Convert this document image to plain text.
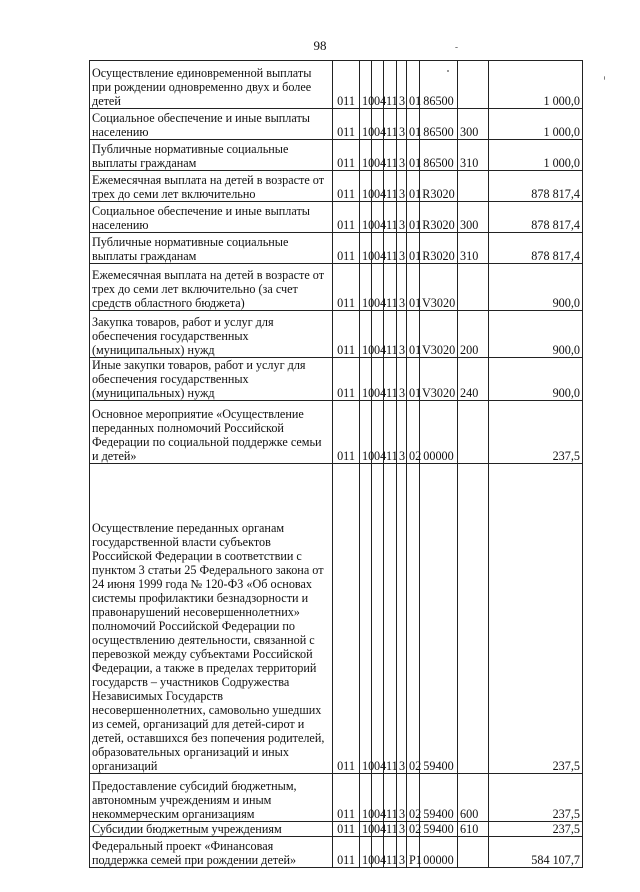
98
Осуществление единовременной выплаты при рождении одновременно двух и более детей	011	10	04	11	3	01	86500		1 000,0
Социальное обеспечение и иные выплаты населению	011	10	04	11	3	01	86500	300	1 000,0
Публичные нормативные социальные выплаты гражданам	011	10	04	11	3	01	86500	310	1 000,0
Ежемесячная выплата на детей в возрасте от трех до семи лет включительно	011	10	04	11	3	01	R3020		878 817,4
Социальное обеспечение и иные выплаты населению	011	10	04	11	3	01	R3020	300	878 817,4
Публичные нормативные социальные выплаты гражданам	011	10	04	11	3	01	R3020	310	878 817,4
Ежемесячная выплата на детей в возрасте от трех до семи лет включительно (за счет средств областного бюджета)	011	10	04	11	3	01	V3020		900,0
Закупка товаров, работ и услуг для обеспечения государственных (муниципальных) нужд	011	10	04	11	3	01	V3020	200	900,0
Иные закупки товаров, работ и услуг для обеспечения государственных (муниципальных) нужд	011	10	04	11	3	01	V3020	240	900,0
Основное мероприятие «Осуществление переданных полномочий Российской Федерации по социальной поддержке семьи и детей»	011	10	04	11	3	02	00000		237,5
Осуществление переданных органам государственной власти субъектов Российской Федерации в соответствии с пунктом 3 статьи 25 Федерального закона от 24 июня 1999 года № 120-ФЗ «Об основах системы профилактики безнадзорности и правонарушений несовершеннолетних» полномочий Российской Федерации по осуществлению деятельности, связанной с перевозкой между субъектами Российской Федерации, а также в пределах территорий государств – участников Содружества Независимых Государств несовершеннолетних, самовольно ушедших из семей, организаций для детей-сирот и детей, оставшихся без попечения родителей, образовательных организаций и иных организаций	011	10	04	11	3	02	59400		237,5
Предоставление субсидий бюджетным, автономным учреждениям и иным некоммерческим организациям	011	10	04	11	3	02	59400	600	237,5
Субсидии бюджетным учреждениям	011	10	04	11	3	02	59400	610	237,5
Федеральный проект «Финансовая поддержка семей при рождении детей»	011	10	04	11	3	P1	00000		584 107,7
